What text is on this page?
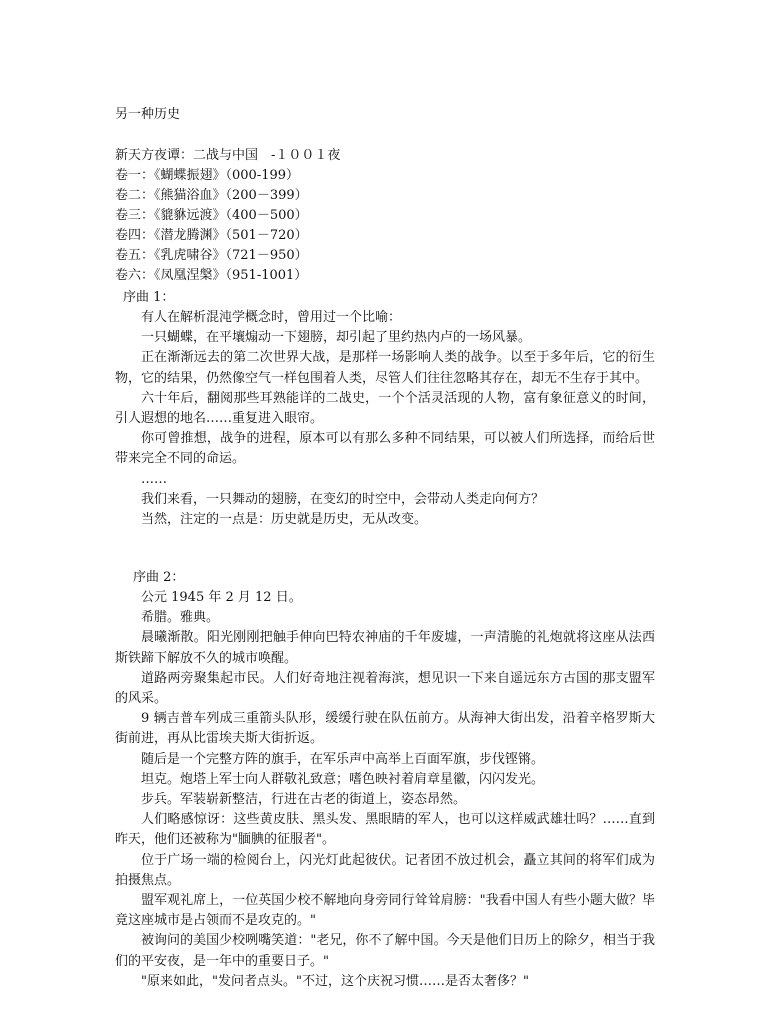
另一种历史
新天方夜谭：二战与中国　-１００１夜
卷一：《蝴蝶振翅》（000-199）
卷二：《熊猫浴血》（200－399）
卷三：《貔貅远渡》（400－500）
卷四：《潜龙腾渊》（501－720）
卷五：《乳虎啸谷》（721－950）
卷六：《凤凰涅槃》（951-1001）

序曲 1：

有人在解析混沌学概念时，曾用过一个比喻：

一只蝴蝶，在平壤煽动一下翅膀，却引起了里约热内卢的一场风暴。

正在渐渐远去的第二次世界大战，是那样一场影响人类的战争。以至于多年后，它的衍生物，它的结果，仍然像空气一样包围着人类，尽管人们往往忽略其存在，却无不生存于其中。

六十年后，翻阅那些耳熟能详的二战史，一个个活灵活现的人物，富有象征意义的时间，引人遐想的地名……重复进入眼帘。

你可曾推想，战争的进程，原本可以有那么多种不同结果，可以被人们所选择，而给后世带来完全不同的命运。

……

我们来看，一只舞动的翅膀，在变幻的时空中，会带动人类走向何方？

当然，注定的一点是：历史就是历史，无从改变。

序曲 2：

公元 1945 年 2 月 12 日。

希腊。雅典。

晨曦渐散。阳光刚刚把触手伸向巴特农神庙的千年废墟，一声清脆的礼炮就将这座从法西斯铁蹄下解放不久的城市唤醒。

道路两旁聚集起市民。人们好奇地注视着海滨，想见识一下来自遥远东方古国的那支盟军的风采。

9 辆吉普车列成三重箭头队形，缓缓行驶在队伍前方。从海神大街出发，沿着辛格罗斯大街前进，再从比雷埃夫斯大街折返。

随后是一个完整方阵的旗手，在军乐声中高举上百面军旗，步伐铿锵。

坦克。炮塔上军士向人群敬礼致意；嗜色映衬着肩章星徽，闪闪发光。

步兵。军装崭新整洁，行进在古老的街道上，姿态昂然。

人们略感惊讶：这些黄皮肤、黑头发、黑眼睛的军人，也可以这样威武雄壮吗？……直到昨天，他们还被称为"腼腆的征服者"。

位于广场一端的检阅台上，闪光灯此起彼伏。记者团不放过机会，矗立其间的将军们成为拍摄焦点。

盟军观礼席上，一位英国少校不解地向身旁同行耸耸肩膀："我看中国人有些小题大做？毕竟这座城市是占领而不是攻克的。"

被询问的美国少校咧嘴笑道："老兄，你不了解中国。今天是他们日历上的除夕，相当于我们的平安夜，是一年中的重要日子。"

"原来如此，"发问者点头。"不过，这个庆祝习惯……是否太奢侈？"
